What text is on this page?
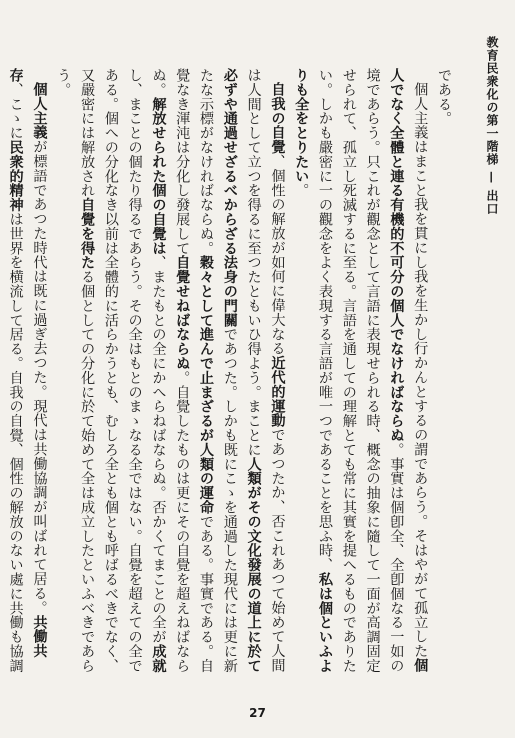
教育民衆化の第一階梯 — 出口

である。

個人主義はまこと我を貫にし我を生かし行かんとするの謂であらう。そはやがて孤立した個人でなく全體と連る有機的不可分の個人でなければならぬ。事實は個卽全、全卽個なる一如の境であらう。只これが觀念として言語に表現せられる時、概念の抽象に隨して一面が高調固定せられて、孤立し死滅するに至る。言語を通しての理解とても常に其實を提へるものでありたい。しかも嚴密に一の觀念をよく表現する言語が唯一つであることを思ふ時、私は個といふよりも全をとりたい。

自我の自覺、個性の解放が如何に偉大なる近代的運動であつたか、否これあつて始めて人間は人間として立つを得るに至つたともいひ得よう。まことに人類がその文化發展の道上に於て必ずや通過せざるべからざる法身の門關であつた。しかも既にこゝを通過した現代には更に新たな示標がなければならぬ。穀々として進んで止まざるが人類の運命である。事實である。自覺なき渾沌は分化し發展して自覺せねばならぬ。自覺したものは更にその自覺を超えねばならぬ。解放せられた個の自覺は、またもとの全にかへらねばならぬ。否かくてまことの全が成就し、まことの個たり得るであらう。その全はもとのまゝなる全ではない。自覺を超えての全である。個への分化なき以前は全體的に活らかうとも、むしろ全とも個とも呼ばるべきでなく、又嚴密には解放され自覺を得たる個としての分化に於て始めて全は成立したといふべきであらう。

個人主義が標語であつた時代は既に過ぎ去つた。現代は共働協調が叫ばれて居る。共働共存、こゝに民衆的精神は世界を横流して居る。自我の自覺、個性の解放のない處に共働も協調

27
